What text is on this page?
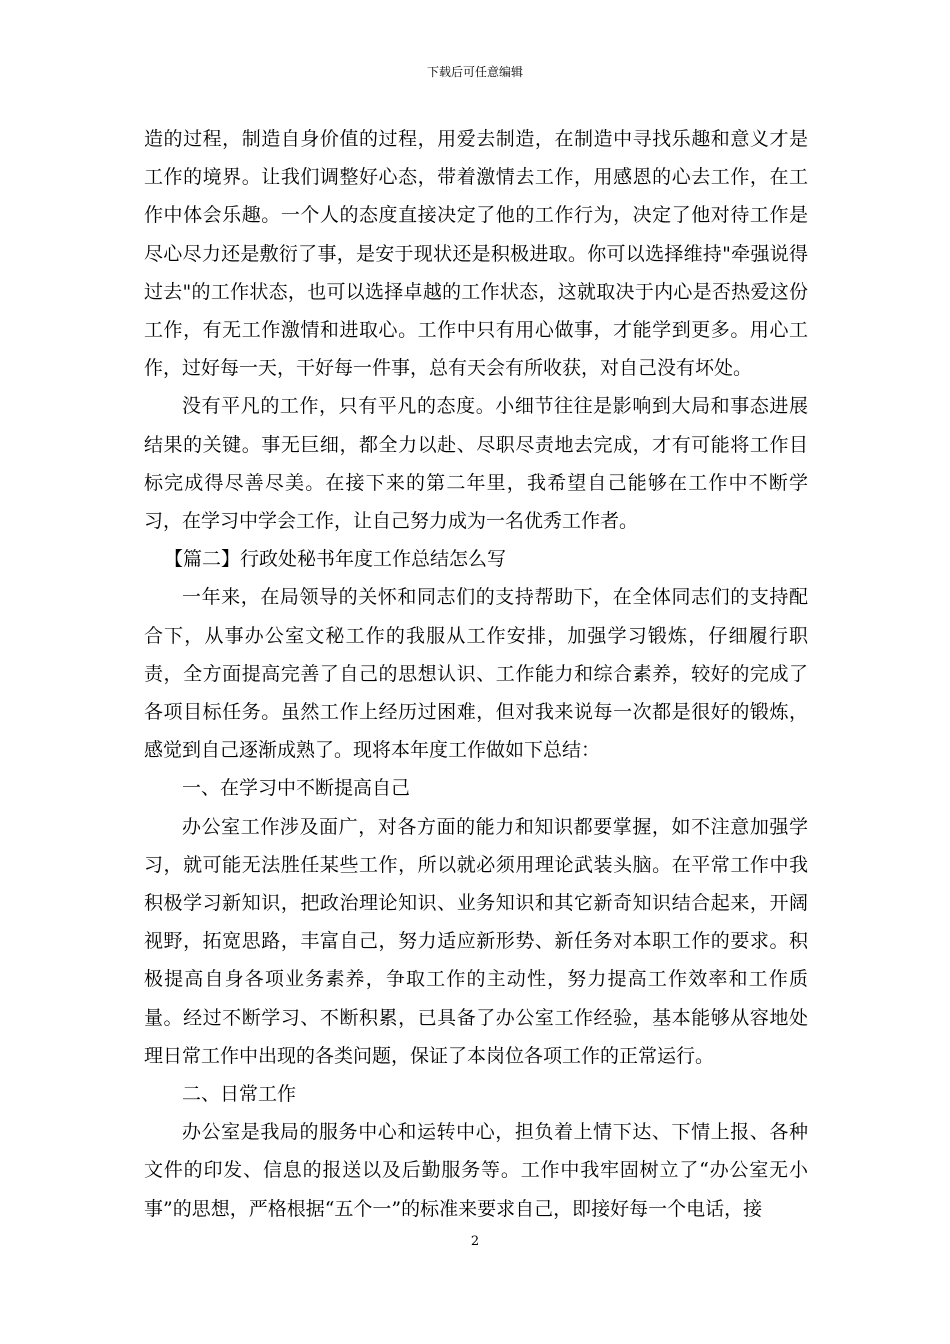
下载后可任意编辑

造的过程，制造自身价值的过程，用爱去制造，在制造中寻找乐趣和意义才是工作的境界。让我们调整好心态，带着激情去工作，用感恩的心去工作，在工作中体会乐趣。一个人的态度直接决定了他的工作行为，决定了他对待工作是尽心尽力还是敷衍了事，是安于现状还是积极进取。你可以选择维持"牵强说得过去"的工作状态，也可以选择卓越的工作状态，这就取决于内心是否热爱这份工作，有无工作激情和进取心。工作中只有用心做事，才能学到更多。用心工作，过好每一天，干好每一件事，总有天会有所收获，对自己没有坏处。

没有平凡的工作，只有平凡的态度。小细节往往是影响到大局和事态进展结果的关键。事无巨细，都全力以赴、尽职尽责地去完成，才有可能将工作目标完成得尽善尽美。在接下来的第二年里，我希望自己能够在工作中不断学习，在学习中学会工作，让自己努力成为一名优秀工作者。

【篇二】行政处秘书年度工作总结怎么写

一年来，在局领导的关怀和同志们的支持帮助下，在全体同志们的支持配合下，从事办公室文秘工作的我服从工作安排，加强学习锻炼，仔细履行职责，全方面提高完善了自己的思想认识、工作能力和综合素养，较好的完成了各项目标任务。虽然工作上经历过困难，但对我来说每一次都是很好的锻炼，感觉到自己逐渐成熟了。现将本年度工作做如下总结：

一、在学习中不断提高自己

办公室工作涉及面广，对各方面的能力和知识都要掌握，如不注意加强学习，就可能无法胜任某些工作，所以就必须用理论武装头脑。在平常工作中我积极学习新知识，把政治理论知识、业务知识和其它新奇知识结合起来，开阔视野，拓宽思路，丰富自己，努力适应新形势、新任务对本职工作的要求。积极提高自身各项业务素养，争取工作的主动性，努力提高工作效率和工作质量。经过不断学习、不断积累，已具备了办公室工作经验，基本能够从容地处理日常工作中出现的各类问题，保证了本岗位各项工作的正常运行。

二、日常工作

办公室是我局的服务中心和运转中心，担负着上情下达、下情上报、各种文件的印发、信息的报送以及后勤服务等。工作中我牢固树立了“办公室无小事”的思想，严格根据“五个一”的标准来要求自己，即接好每一个电话，接

2
